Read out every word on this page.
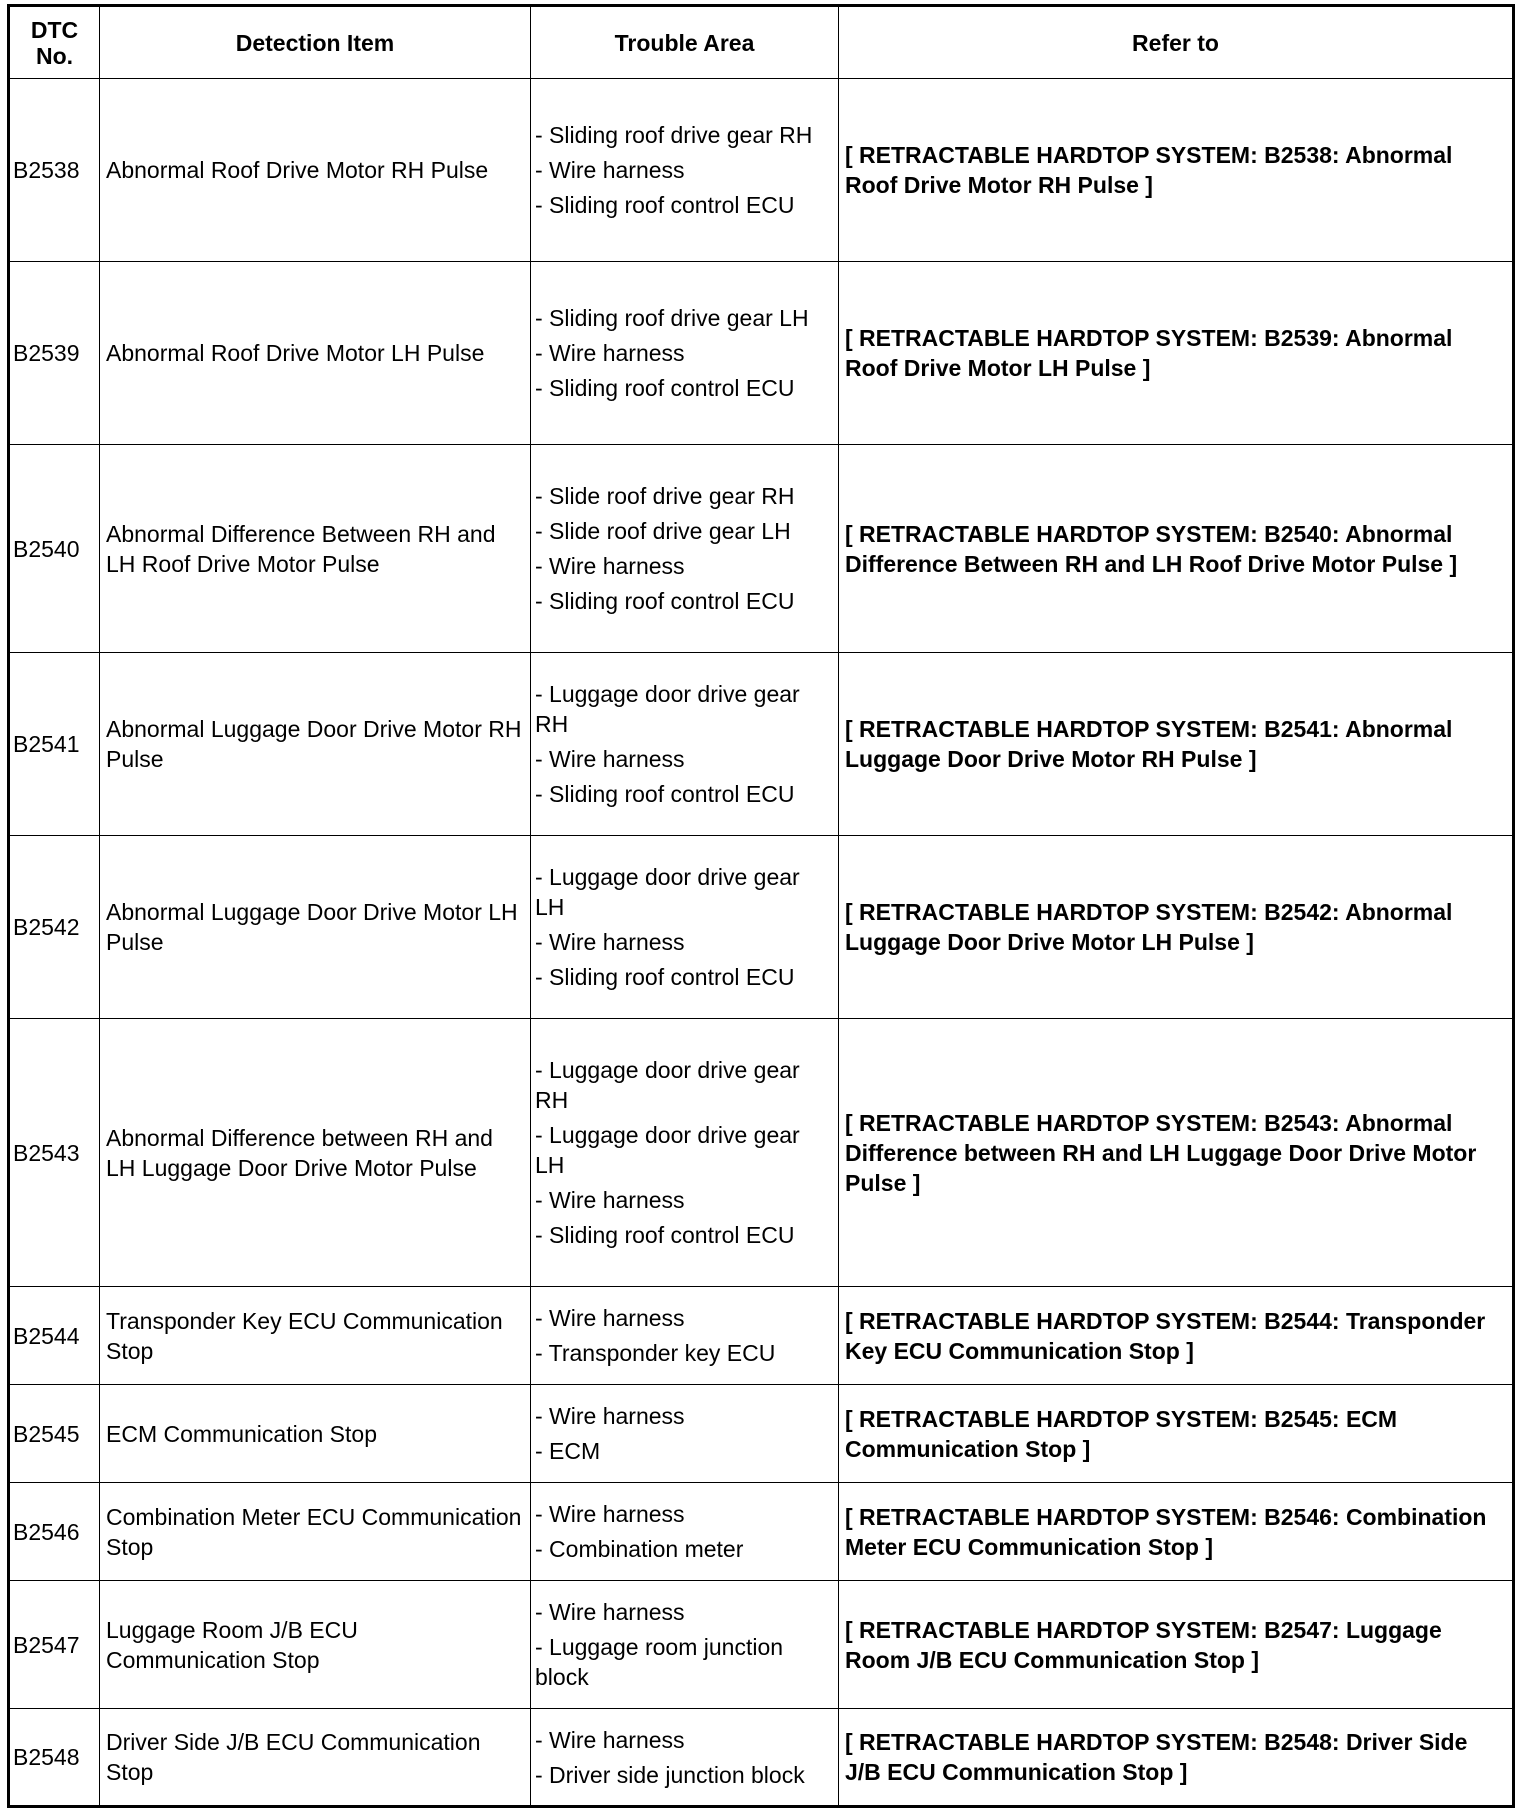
DTC No.	Detection Item	Trouble Area	Refer to
B2538	Abnormal Roof Drive Motor RH Pulse	- Sliding roof drive gear RH
- Wire harness
- Sliding roof control ECU	[ RETRACTABLE HARDTOP SYSTEM: B2538: Abnormal Roof Drive Motor RH Pulse ]
B2539	Abnormal Roof Drive Motor LH Pulse	- Sliding roof drive gear LH
- Wire harness
- Sliding roof control ECU	[ RETRACTABLE HARDTOP SYSTEM: B2539: Abnormal Roof Drive Motor LH Pulse ]
B2540	Abnormal Difference Between RH and LH Roof Drive Motor Pulse	- Slide roof drive gear RH
- Slide roof drive gear LH
- Wire harness
- Sliding roof control ECU	[ RETRACTABLE HARDTOP SYSTEM: B2540: Abnormal Difference Between RH and LH Roof Drive Motor Pulse ]
B2541	Abnormal Luggage Door Drive Motor RH Pulse	- Luggage door drive gear RH
- Wire harness
- Sliding roof control ECU	[ RETRACTABLE HARDTOP SYSTEM: B2541: Abnormal Luggage Door Drive Motor RH Pulse ]
B2542	Abnormal Luggage Door Drive Motor LH Pulse	- Luggage door drive gear LH
- Wire harness
- Sliding roof control ECU	[ RETRACTABLE HARDTOP SYSTEM: B2542: Abnormal Luggage Door Drive Motor LH Pulse ]
B2543	Abnormal Difference between RH and LH Luggage Door Drive Motor Pulse	- Luggage door drive gear RH
- Luggage door drive gear LH
- Wire harness
- Sliding roof control ECU	[ RETRACTABLE HARDTOP SYSTEM: B2543: Abnormal Difference between RH and LH Luggage Door Drive Motor Pulse ]
B2544	Transponder Key ECU Communication Stop	- Wire harness
- Transponder key ECU	[ RETRACTABLE HARDTOP SYSTEM: B2544: Transponder Key ECU Communication Stop ]
B2545	ECM Communication Stop	- Wire harness
- ECM	[ RETRACTABLE HARDTOP SYSTEM: B2545: ECM Communication Stop ]
B2546	Combination Meter ECU Communication Stop	- Wire harness
- Combination meter	[ RETRACTABLE HARDTOP SYSTEM: B2546: Combination Meter ECU Communication Stop ]
B2547	Luggage Room J/B ECU Communication Stop	- Wire harness
- Luggage room junction block	[ RETRACTABLE HARDTOP SYSTEM: B2547: Luggage Room J/B ECU Communication Stop ]
B2548	Driver Side J/B ECU Communication Stop	- Wire harness
- Driver side junction block	[ RETRACTABLE HARDTOP SYSTEM: B2548: Driver Side J/B ECU Communication Stop ]
